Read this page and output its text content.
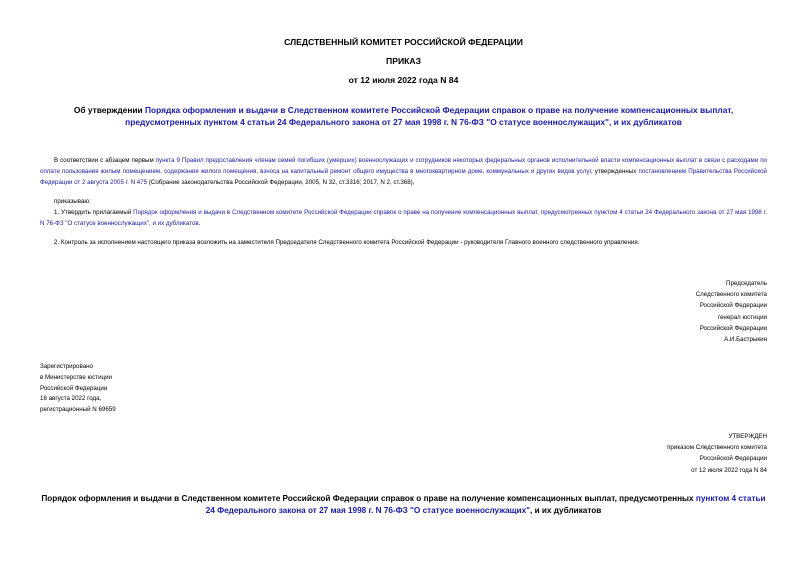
СЛЕДСТВЕННЫЙ КОМИТЕТ РОССИЙСКОЙ ФЕДЕРАЦИИ
ПРИКАЗ
от 12 июля 2022 года N 84
Об утверждении Порядка оформления и выдачи в Следственном комитете Российской Федерации справок о праве на получение компенсационных выплат, предусмотренных пунктом 4 статьи 24 Федерального закона от 27 мая 1998 г. N 76-ФЗ "О статусе военнослужащих", и их дубликатов
В соответствии с абзацем первым пункта 9 Правил предоставления членам семей погибших (умерших) военнослужащих и сотрудников некоторых федеральных органов исполнительной власти компенсационных выплат в связи с расходами по оплате пользования жилым помещением, содержания жилого помещения, взноса на капитальный ремонт общего имущества в многоквартирном доме, коммунальных и других видов услуг, утвержденных постановлением Правительства Российской Федерации от 2 августа 2005 г. N 475 (Собрание законодательства Российской Федерации, 2005, N 32, ст.3316; 2017, N 2, ст.368),
приказываю:
1. Утвердить прилагаемый Порядок оформления и выдачи в Следственном комитете Российской Федерации справок о праве на получение компенсационных выплат, предусмотренных пунктом 4 статьи 24 Федерального закона от 27 мая 1998 г. N 76-ФЗ "О статусе военнослужащих", и их дубликатов.
2. Контроль за исполнением настоящего приказа возложить на заместителя Председателя Следственного комитета Российской Федерации - руководителя Главного военного следственного управления.
Председатель
Следственного комитета
Российской Федерации
генерал юстиции
Российской Федерации
А.И.Бастрыкин
Зарегистрировано
в Министерстве юстиции
Российской Федерации
16 августа 2022 года,
регистрационный N 69659
УТВЕРЖДЕН
приказом Следственного комитета
Российской Федерации
от 12 июля 2022 года N 84
Порядок оформления и выдачи в Следственном комитете Российской Федерации справок о праве на получение компенсационных выплат, предусмотренных пунктом 4 статьи 24 Федерального закона от 27 мая 1998 г. N 76-ФЗ "О статусе военнослужащих", и их дубликатов
